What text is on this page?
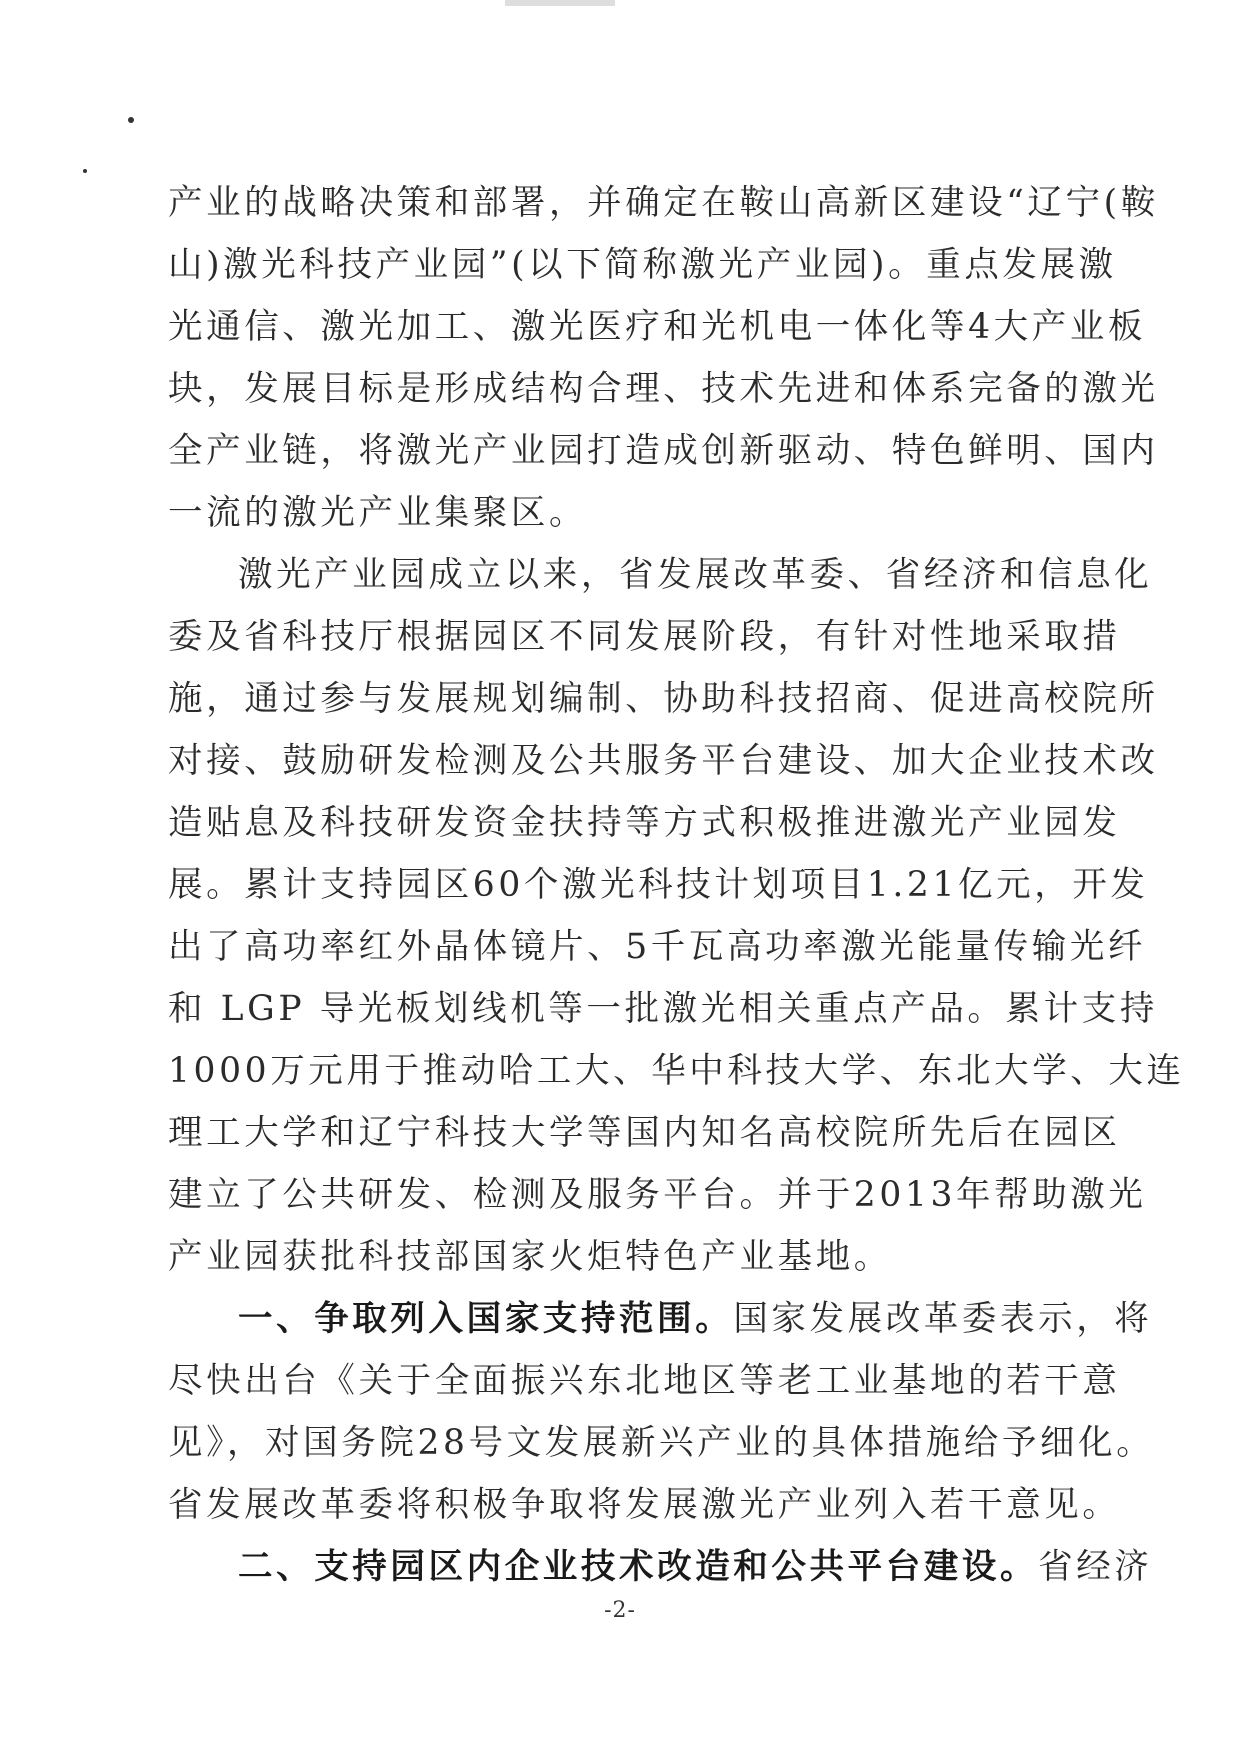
产业的战略决策和部署，并确定在鞍山高新区建设“辽宁(鞍

山)激光科技产业园”(以下简称激光产业园)。重点发展激

光通信、激光加工、激光医疗和光机电一体化等4大产业板

块，发展目标是形成结构合理、技术先进和体系完备的激光

全产业链，将激光产业园打造成创新驱动、特色鲜明、国内

一流的激光产业集聚区。

激光产业园成立以来，省发展改革委、省经济和信息化

委及省科技厅根据园区不同发展阶段，有针对性地采取措

施，通过参与发展规划编制、协助科技招商、促进高校院所

对接、鼓励研发检测及公共服务平台建设、加大企业技术改

造贴息及科技研发资金扶持等方式积极推进激光产业园发

展。累计支持园区60个激光科技计划项目1.21亿元，开发

出了高功率红外晶体镜片、5千瓦高功率激光能量传输光纤

和 LGP 导光板划线机等一批激光相关重点产品。累计支持

1000万元用于推动哈工大、华中科技大学、东北大学、大连

理工大学和辽宁科技大学等国内知名高校院所先后在园区

建立了公共研发、检测及服务平台。并于2013年帮助激光

产业园获批科技部国家火炬特色产业基地。

一、争取列入国家支持范围。国家发展改革委表示，将

尽快出台《关于全面振兴东北地区等老工业基地的若干意

见》，对国务院28号文发展新兴产业的具体措施给予细化。

省发展改革委将积极争取将发展激光产业列入若干意见。

二、支持园区内企业技术改造和公共平台建设。省经济

-2-
